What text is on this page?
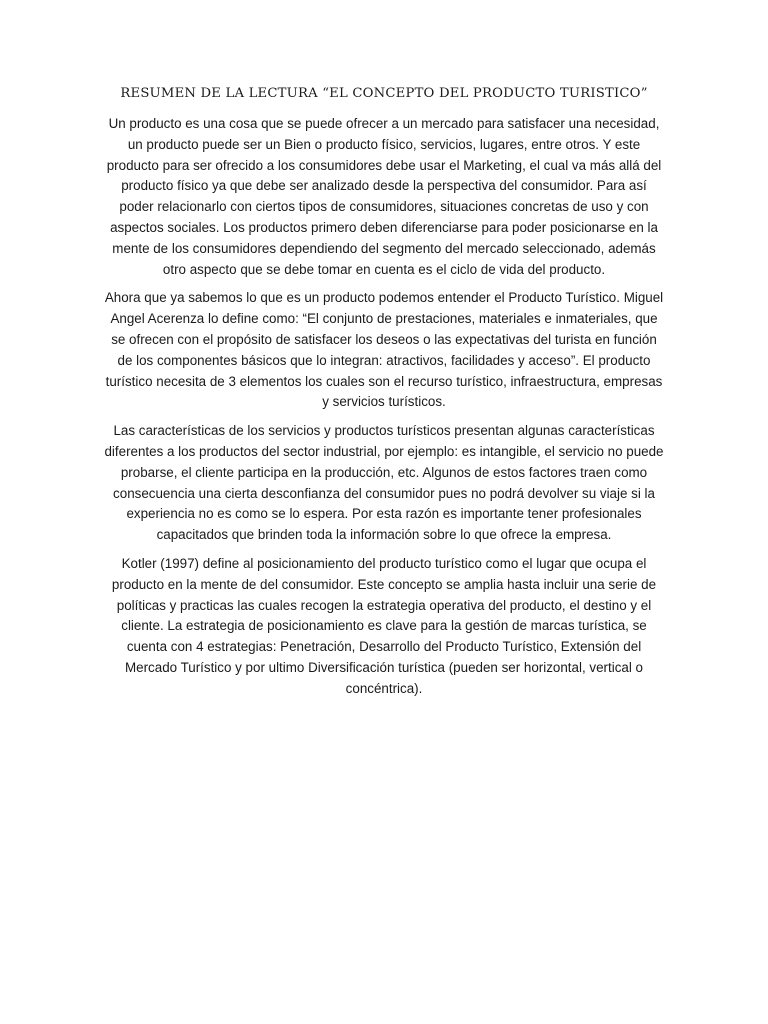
RESUMEN DE LA LECTURA “EL CONCEPTO DEL PRODUCTO TURISTICO”

Un producto es una cosa que se puede ofrecer a un mercado para satisfacer una necesidad, un producto puede ser un Bien o producto físico, servicios, lugares, entre otros. Y este producto para ser ofrecido a los consumidores debe usar el Marketing, el cual va más allá del producto físico ya que debe ser analizado desde la perspectiva del consumidor. Para así poder relacionarlo con ciertos tipos de consumidores, situaciones concretas de uso y con aspectos sociales. Los productos primero deben diferenciarse para poder posicionarse en la mente de los consumidores dependiendo del segmento del mercado seleccionado, además otro aspecto que se debe tomar en cuenta es el ciclo de vida del producto.

Ahora que ya sabemos lo que es un producto podemos entender el Producto Turístico. Miguel Angel Acerenza lo define como: “El conjunto de prestaciones, materiales e inmateriales, que se ofrecen con el propósito de satisfacer los deseos o las expectativas del turista en función de los componentes básicos que lo integran: atractivos, facilidades y acceso”. El producto turístico necesita de 3 elementos los cuales son el recurso turístico, infraestructura, empresas y servicios turísticos.

Las características de los servicios y productos turísticos presentan algunas características diferentes a los productos del sector industrial, por ejemplo: es intangible, el servicio no puede probarse, el cliente participa en la producción, etc. Algunos de estos factores traen como consecuencia una cierta desconfianza del consumidor pues no podrá devolver su viaje si la experiencia no es como se lo espera. Por esta razón es importante tener profesionales capacitados que brinden toda la información sobre lo que ofrece la empresa.

Kotler (1997) define al posicionamiento del producto turístico como el lugar que ocupa el producto en la mente de del consumidor. Este concepto se amplia hasta incluir una serie de políticas y practicas las cuales recogen la estrategia operativa del producto, el destino y el cliente. La estrategia de posicionamiento es clave para la gestión de marcas turística, se cuenta con 4 estrategias: Penetración, Desarrollo del Producto Turístico, Extensión del Mercado Turístico y por ultimo Diversificación turística (pueden ser horizontal, vertical o concéntrica).
